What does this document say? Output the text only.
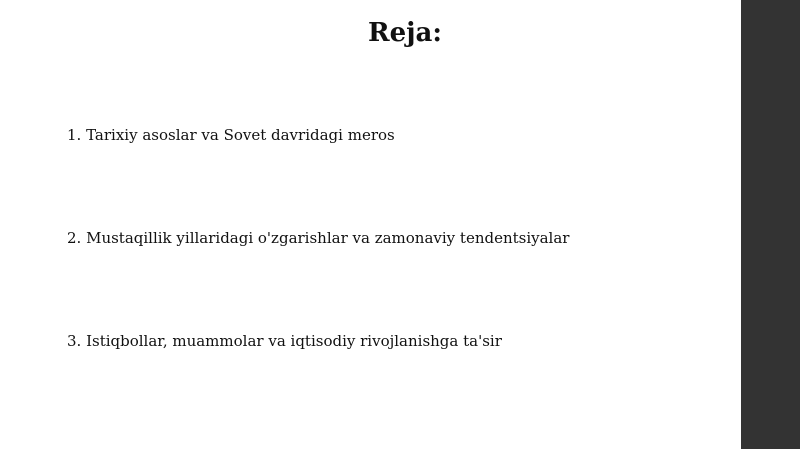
Reja:
1. Tarixiy asoslar va Sovet davridagi meros
2. Mustaqillik yillaridagi o'zgarishlar va zamonaviy tendentsiyalar
3. Istiqbollar, muammolar va iqtisodiy rivojlanishga ta'sir
